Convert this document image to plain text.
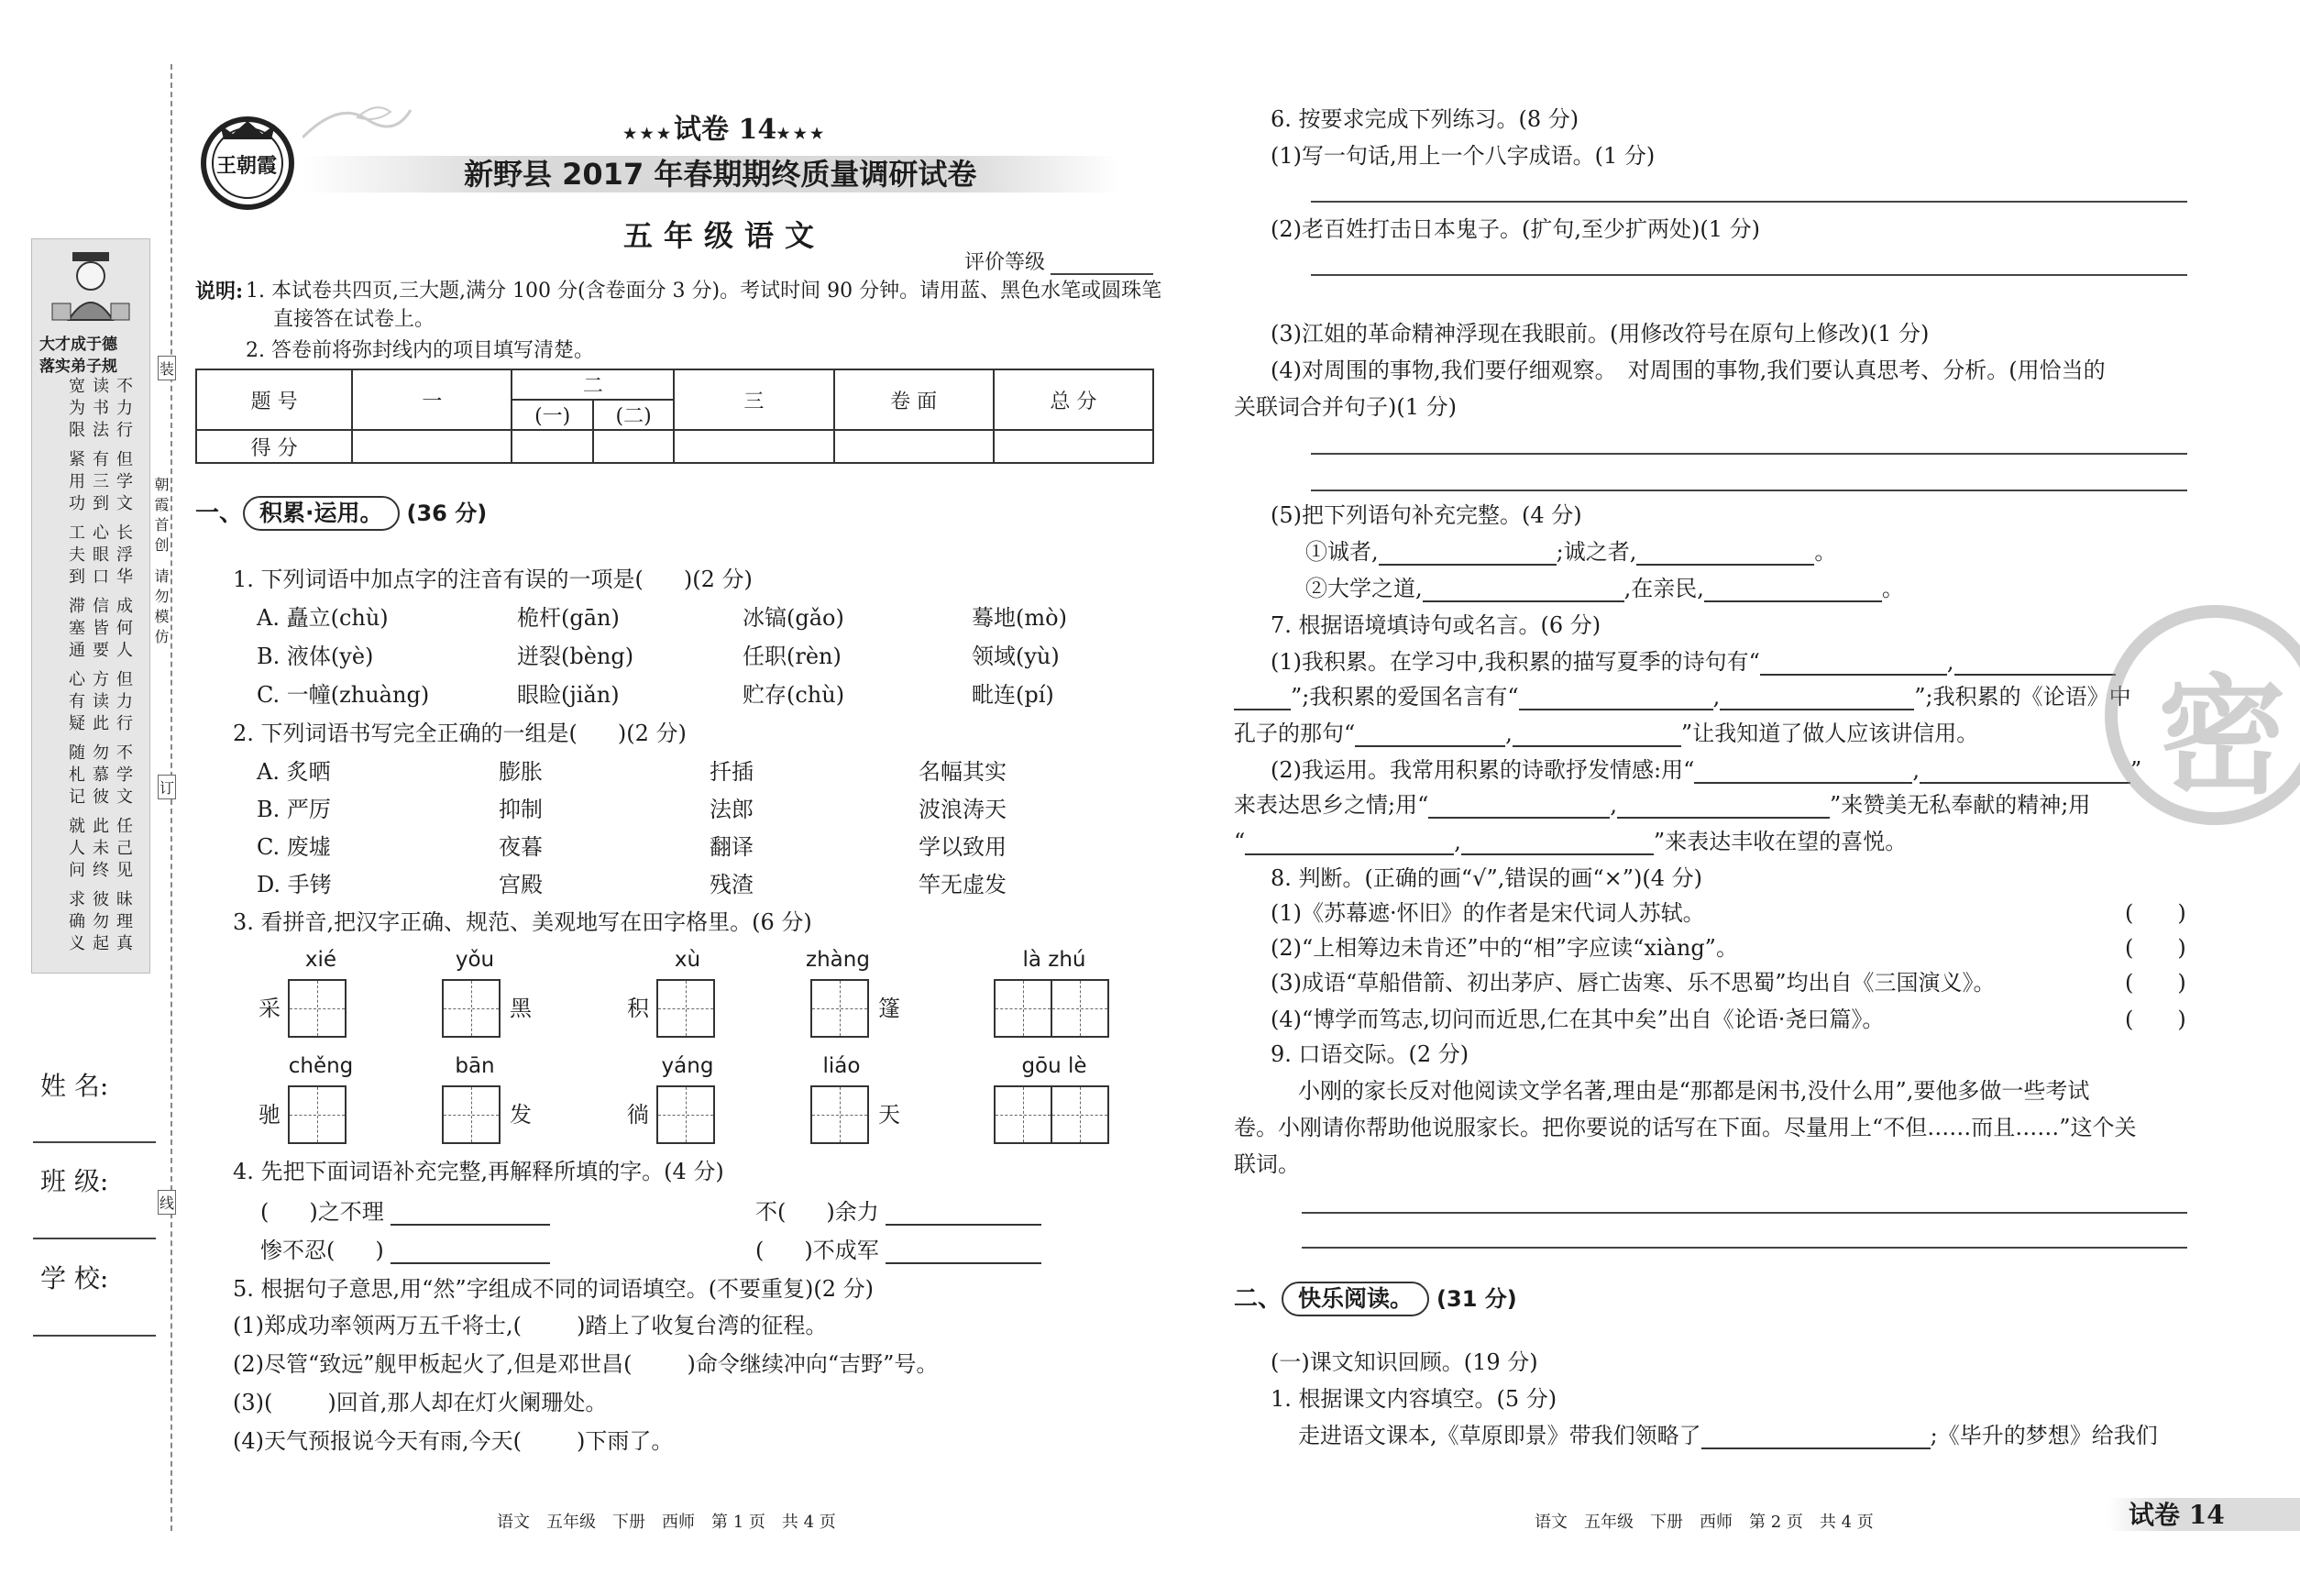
大才成于德
落实弟子规
不力行
读书法
宽为限
但学文
有三到
紧用功
长浮华
心眼口
工夫到
成何人
信皆要
滞塞通
但力行
方读此
心有疑
不学文
勿慕彼
随札记
任己见
此未终
就人问
昧理真
彼勿起
求确义
朝霞首创
请勿模仿
装
订
线
姓 名:
班 级:
学 校:
王朝霞
★★★试卷 14★★★
新野县 2017 年春期期终质量调研试卷
五年级语文
评价等级
说明: 1. 本试卷共四页,三大题,满分 100 分(含卷面分 3 分)。考试时间 90 分钟。请用蓝、黑色水笔或圆珠笔
直接答在试卷上。
2. 答卷前将弥封线内的项目填写清楚。
题 号	一	二		三	卷 面	总 分
		(一)	(二)			
得 分						
一、 积累·运用。 (36 分)
1. 下列词语中加点字的注音有误的一项是( )(2 分)
A. 矗立(chù)	桅杆(gān)	冰镐(gǎo)	蓦地(mò)
B. 液体(yè)	迸裂(bèng)	任职(rèn)	领域(yù)
C. 一幢(zhuàng)	眼睑(jiǎn)	贮存(chù)	毗连(pí)
2. 下列词语书写完全正确的一组是( )(2 分)
A. 炙晒	膨胀	扦插	名幅其实
B. 严厉	抑制	法郎	波浪涛天
C. 废墟	夜暮	翻译	学以致用
D. 手铐	宫殿	残渣	竿无虚发
3. 看拼音,把汉字正确、规范、美观地写在田字格里。(6 分)
xié	yǒu	xù	zhàng	là zhú
采	黑	积	篷
chěng	bān	yáng	liáo	gōu lè
驰	发	徜	天
4. 先把下面词语补充完整,再解释所填的字。(4 分)
( )之不理	不( )余力
惨不忍( )	( )不成军
5. 根据句子意思,用“然”字组成不同的词语填空。(不要重复)(2 分)
(1)郑成功率领两万五千将士,(	)踏上了收复台湾的征程。
(2)尽管“致远”舰甲板起火了,但是邓世昌(	)命令继续冲向“吉野”号。
(3)(	)回首,那人却在灯火阑珊处。
(4)天气预报说今天有雨,今天(	)下雨了。
语文　五年级　下册　西师　第 1 页　共 4 页
6. 按要求完成下列练习。(8 分)
(1)写一句话,用上一个八字成语。(1 分)
(2)老百姓打击日本鬼子。(扩句,至少扩两处)(1 分)
(3)江姐的革命精神浮现在我眼前。(用修改符号在原句上修改)(1 分)
(4)对周围的事物,我们要仔细观察。　对周围的事物,我们要认真思考、分析。(用恰当的
关联词合并句子)(1 分)
(5)把下列语句补充完整。(4 分)
①诚者,	;诚之者,	。
②大学之道,	,在亲民,	。
7. 根据语境填诗句或名言。(6 分)
(1)我积累。在学习中,我积累的描写夏季的诗句有“	,
”;我积累的爱国名言有“	,	”;我积累的《论语》中
孔子的那句“	,	”让我知道了做人应该讲信用。
(2)我运用。我常用积累的诗歌抒发情感:用“	,	”
来表达思乡之情;用“	,	”来赞美无私奉献的精神;用
“	,	”来表达丰收在望的喜悦。
8. 判断。(正确的画“√”,错误的画“×”)(4 分)
(1)《苏幕遮·怀旧》的作者是宋代词人苏轼。	(　　)
(2)“上相筹边未肯还”中的“相”字应读“xiàng”。	(　　)
(3)成语“草船借箭、初出茅庐、唇亡齿寒、乐不思蜀”均出自《三国演义》。	(　　)
(4)“博学而笃志,切问而近思,仁在其中矣”出自《论语·尧曰篇》。	(　　)
9. 口语交际。(2 分)
小刚的家长反对他阅读文学名著,理由是“那都是闲书,没什么用”,要他多做一些考试
卷。小刚请你帮助他说服家长。把你要说的话写在下面。尽量用上“不但……而且……”这个关
联词。
二、 快乐阅读。 (31 分)
(一)课文知识回顾。(19 分)
1. 根据课文内容填空。(5 分)
走进语文课本,《草原即景》带我们领略了	;《毕升的梦想》给我们
语文　五年级　下册　西师　第 2 页　共 4 页	试卷 14
密
